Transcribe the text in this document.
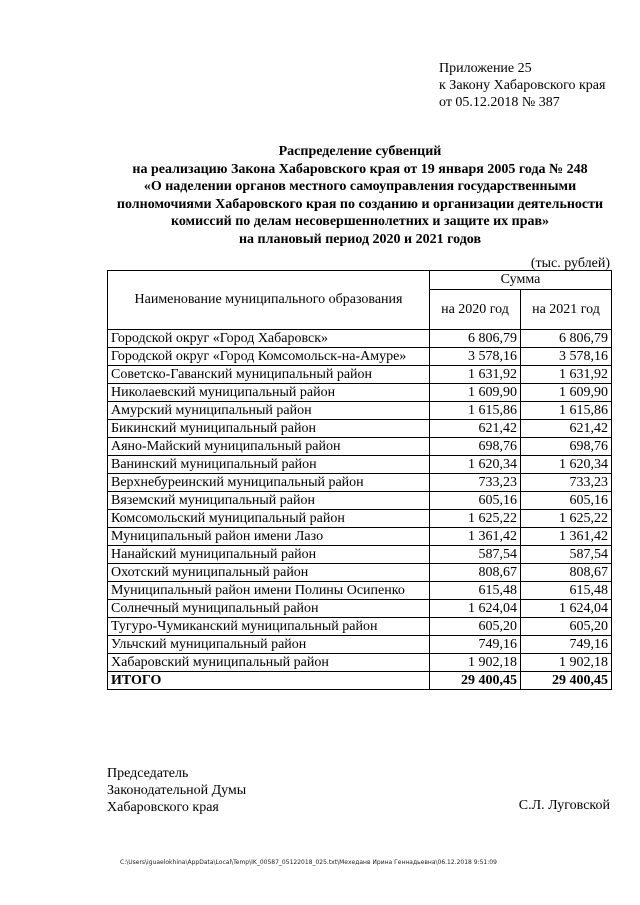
Приложение 25
к Закону Хабаровского края
от 05.12.2018 № 387
Распределение субвенций
на реализацию Закона Хабаровского края от 19 января 2005 года № 248
«О наделении органов местного самоуправления государственными
полномочиями Хабаровского края по созданию и организации деятельности
комиссий по делам несовершеннолетних и защите их прав»
на плановый период 2020 и 2021 годов
(тыс. рублей)
Наименование муниципального образования	Сумма	
	на 2020 год	на 2021 год
Городской округ «Город Хабаровск»	6 806,79	6 806,79
Городской округ «Город Комсомольск-на-Амуре»	3 578,16	3 578,16
Советско-Гаванский муниципальный район	1 631,92	1 631,92
Николаевский муниципальный район	1 609,90	1 609,90
Амурский муниципальный район	1 615,86	1 615,86
Бикинский муниципальный район	621,42	621,42
Аяно-Майский муниципальный район	698,76	698,76
Ванинский муниципальный район	1 620,34	1 620,34
Верхнебуреинский муниципальный район	733,23	733,23
Вяземский муниципальный район	605,16	605,16
Комсомольский муниципальный район	1 625,22	1 625,22
Муниципальный район имени Лазо	1 361,42	1 361,42
Нанайский муниципальный район	587,54	587,54
Охотский муниципальный район	808,67	808,67
Муниципальный район имени Полины Осипенко	615,48	615,48
Солнечный муниципальный район	1 624,04	1 624,04
Тугуро-Чумиканский муниципальный район	605,20	605,20
Ульчский муниципальный район	749,16	749,16
Хабаровский муниципальный район	1 902,18	1 902,18
ИТОГО	29 400,45	29 400,45
Председатель
Законодательной Думы
Хабаровского края	С.Л. Луговской
C:\Users\iguaelokhina\AppData\Local\Temp\IK_00587_05122018_025.txt\Мехеданв Ирина Геннадьевна\06.12.2018 9:51:09
